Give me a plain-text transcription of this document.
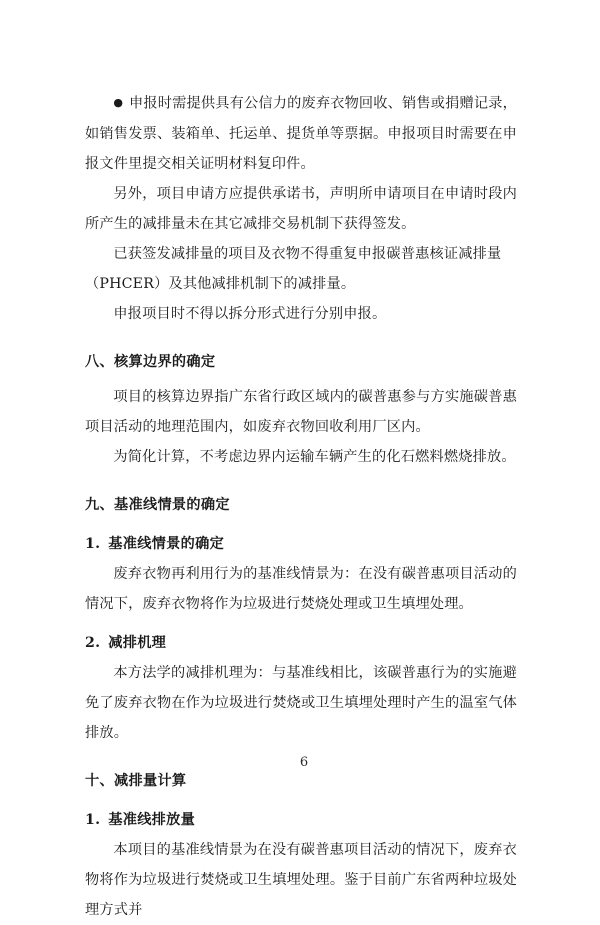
● 申报时需提供具有公信力的废弃衣物回收、销售或捐赠记录，如销售发票、装箱单、托运单、提货单等票据。申报项目时需要在申报文件里提交相关证明材料复印件。

另外，项目申请方应提供承诺书，声明所申请项目在申请时段内所产生的减排量未在其它减排交易机制下获得签发。

已获签发减排量的项目及衣物不得重复申报碳普惠核证减排量
（PHCER）及其他减排机制下的减排量。

申报项目时不得以拆分形式进行分别申报。

八、核算边界的确定

项目的核算边界指广东省行政区域内的碳普惠参与方实施碳普惠项目活动的地理范围内，如废弃衣物回收利用厂区内。

为简化计算，不考虑边界内运输车辆产生的化石燃料燃烧排放。

九、基准线情景的确定
1. 基准线情景的确定

废弃衣物再利用行为的基准线情景为：在没有碳普惠项目活动的情况下，废弃衣物将作为垃圾进行焚烧处理或卫生填埋处理。

2. 减排机理

本方法学的减排机理为：与基准线相比，该碳普惠行为的实施避免了废弃衣物在作为垃圾进行焚烧或卫生填埋处理时产生的温室气体排放。

十、减排量计算
1. 基准线排放量

本项目的基准线情景为在没有碳普惠项目活动的情况下，废弃衣物将作为垃圾进行焚烧或卫生填埋处理。鉴于目前广东省两种垃圾处理方式并

6
